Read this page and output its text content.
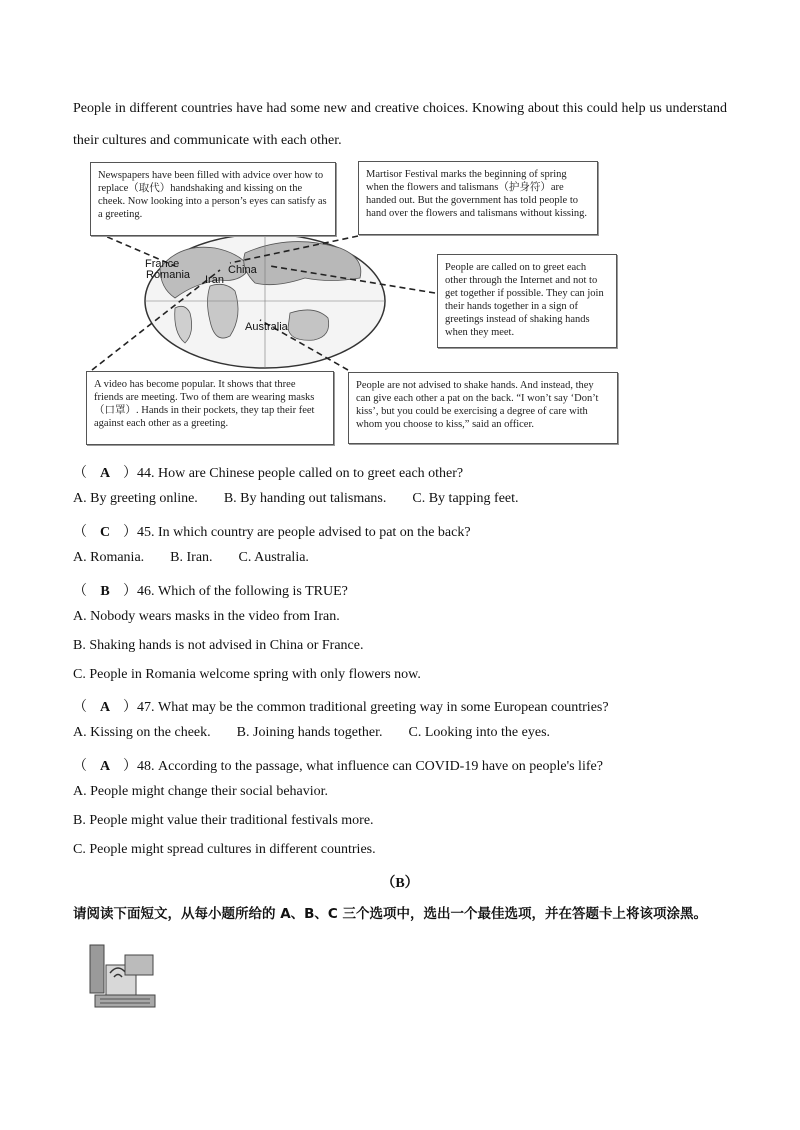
People in different countries have had some new and creative choices. Knowing about this could help us understand their cultures and communicate with each other.
Newspapers have been filled with advice over how to replace（取代）handshaking and kissing on the cheek. Now looking into a person’s eyes can satisfy as a greeting.
Martisor Festival marks the beginning of spring when the flowers and talismans（护身符）are handed out. But the government has told people to hand over the flowers and talismans without kissing.
People are called on to greet each other through the Internet and not to get together if possible. They can join their hands together in a sign of greetings instead of shaking hands when they meet.
A video has become popular. It shows that three friends are meeting. Two of them are wearing masks（口罩）. Hands in their pockets, they tap their feet against each other as a greeting.
People are not advised to shake hands. And instead, they can give each other a pat on the back. “I won’t say ‘Don’t kiss’, but you could be exercising a degree of care with whom you choose to kiss,” said an officer.
France
Romania Iran
China
Australia
（ A ）44. How are Chinese people called on to greet each other?
A. By greeting online. B. By handing out talismans. C. By tapping feet.
（ C ）45. In which country are people advised to pat on the back?
A. Romania. B. Iran. C. Australia.
（ B ）46. Which of the following is TRUE?
A. Nobody wears masks in the video from Iran.
B. Shaking hands is not advised in China or France.
C. People in Romania welcome spring with only flowers now.
（ A ）47. What may be the common traditional greeting way in some European countries?
A. Kissing on the cheek. B. Joining hands together. C. Looking into the eyes.
（ A ）48. According to the passage, what influence can COVID-19 have on people's life?
A. People might change their social behavior.
B. People might value their traditional festivals more.
C. People might spread cultures in different countries.
（B）
请阅读下面短文，从每小题所给的 A、B、C 三个选项中，选出一个最佳选项，并在答题卡上将该项涂黑。
